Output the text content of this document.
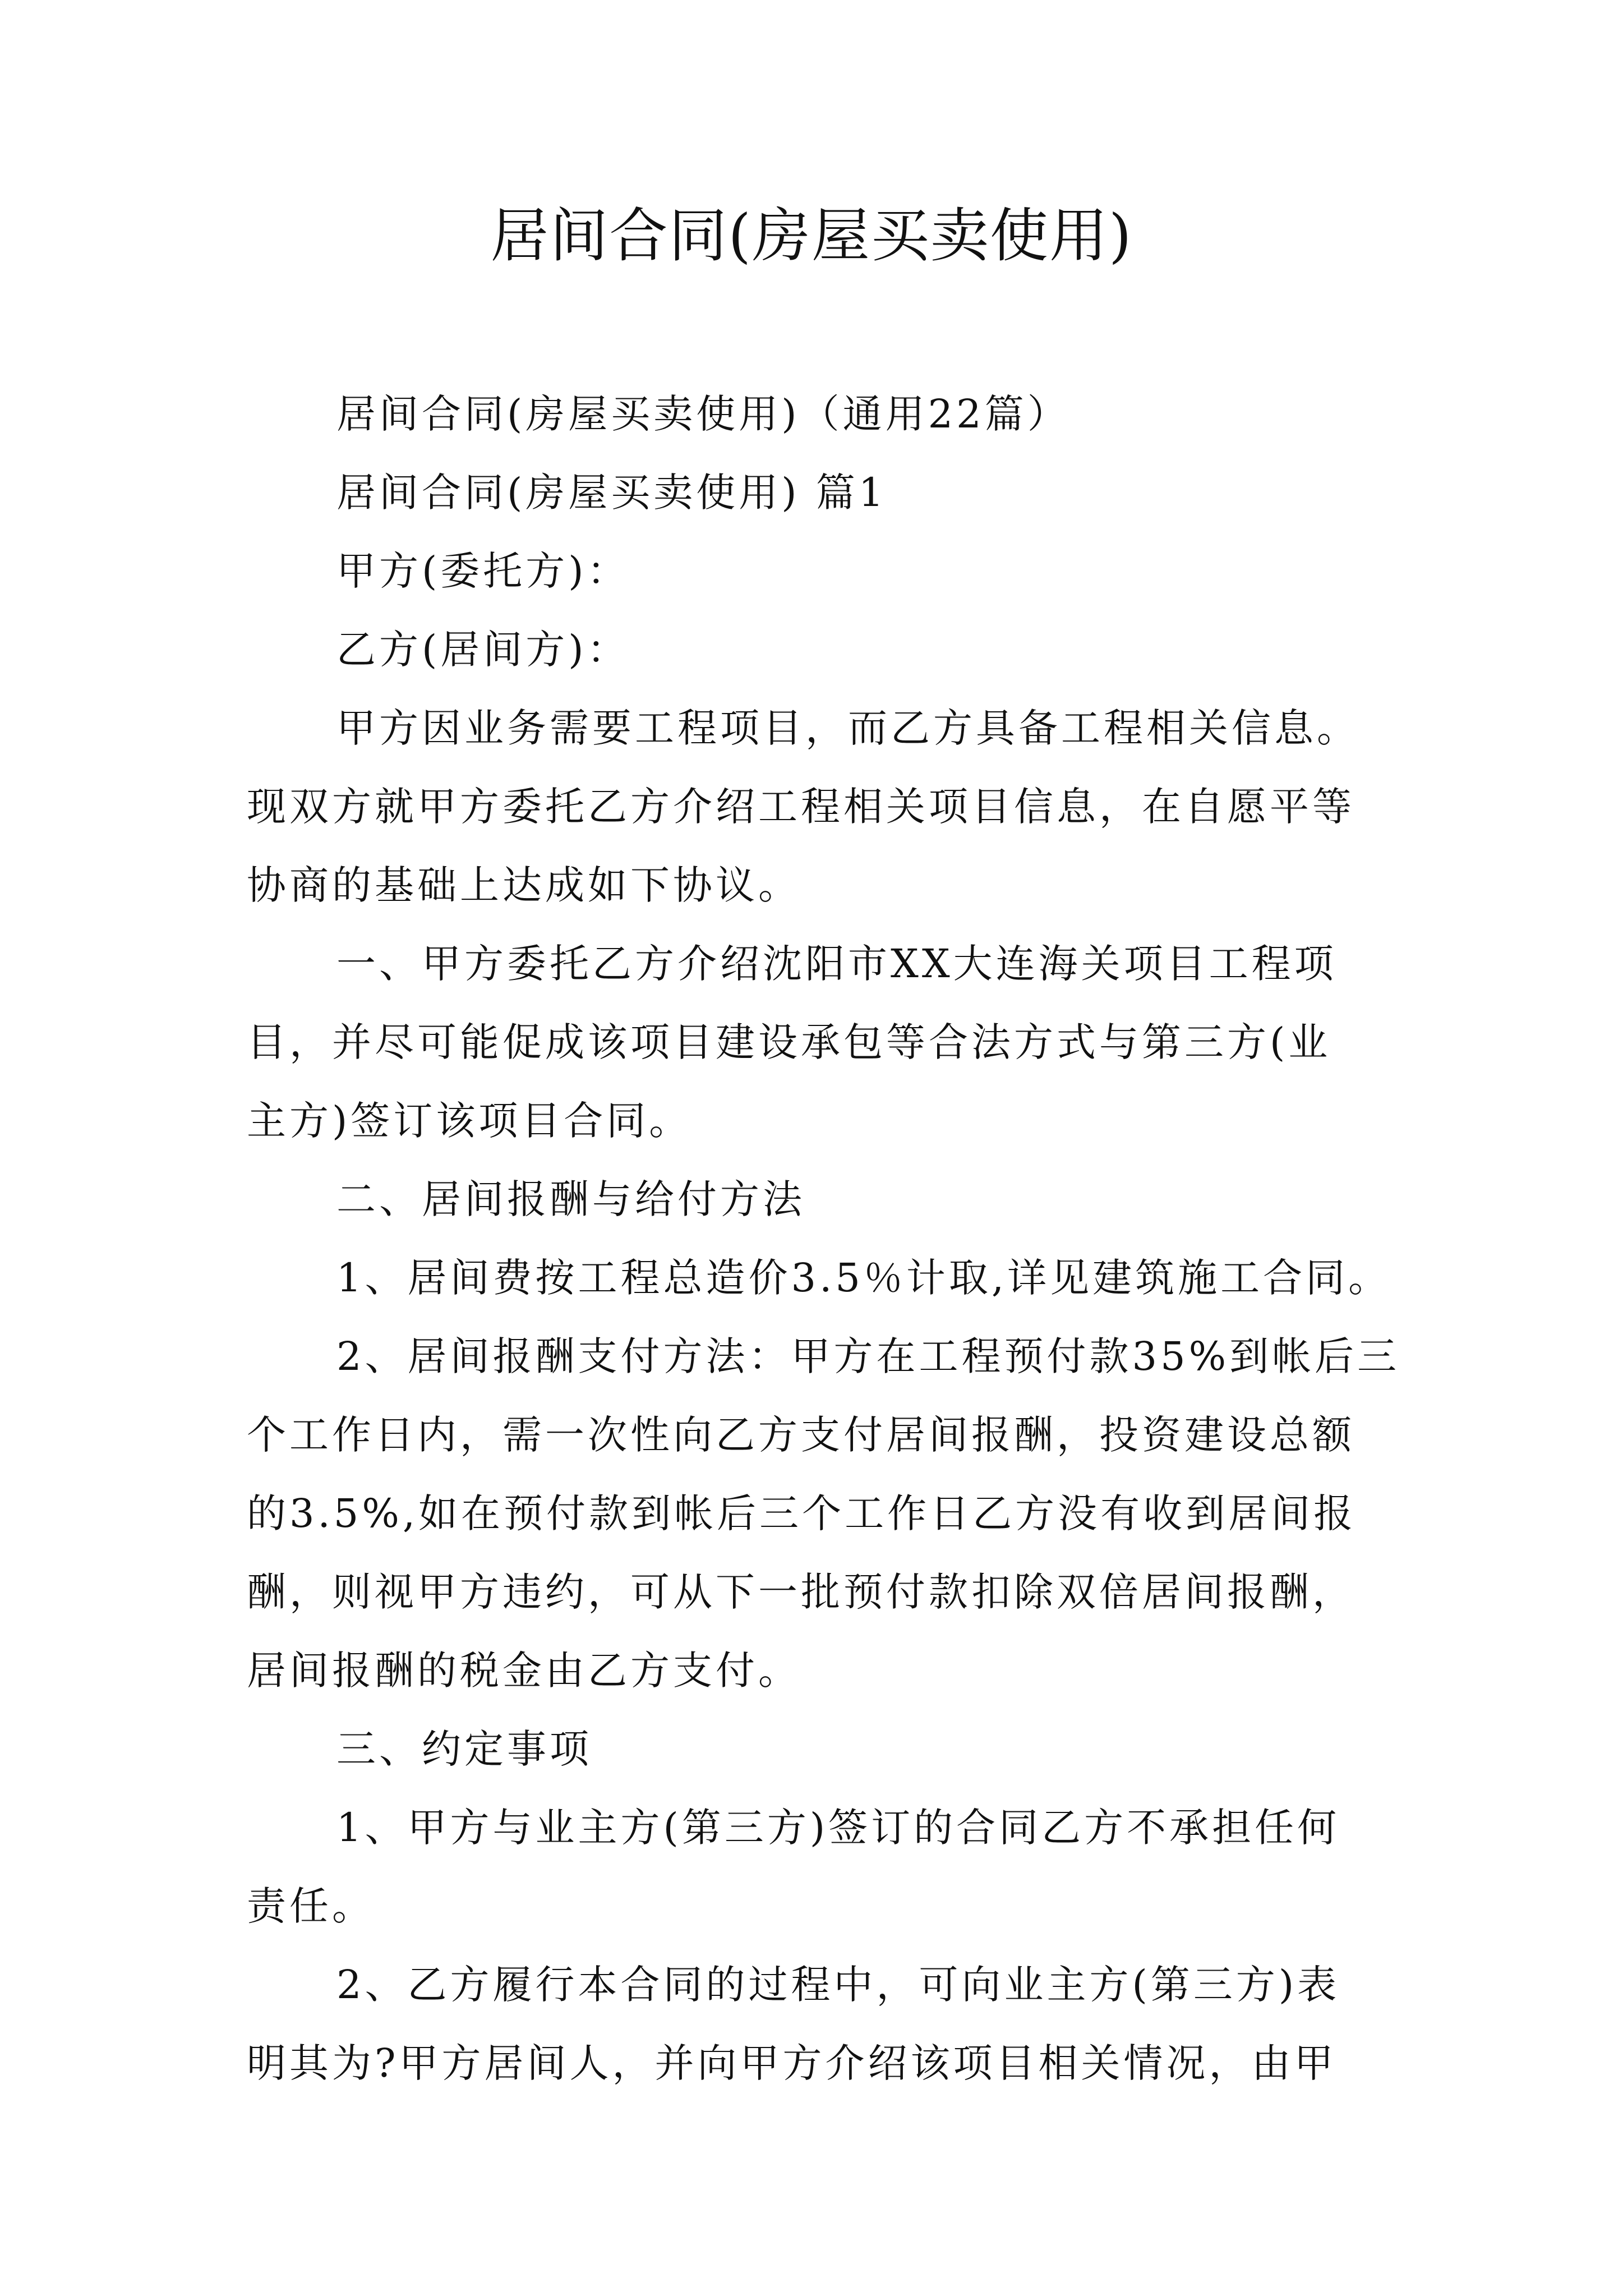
居间合同(房屋买卖使用)

居间合同(房屋买卖使用)（通用22篇）

居间合同(房屋买卖使用) 篇1

甲方(委托方)：

乙方(居间方)：

甲方因业务需要工程项目，而乙方具备工程相关信息。

现双方就甲方委托乙方介绍工程相关项目信息，在自愿平等

协商的基础上达成如下协议。

一、甲方委托乙方介绍沈阳市XX大连海关项目工程项

目，并尽可能促成该项目建设承包等合法方式与第三方(业

主方)签订该项目合同。

二、居间报酬与给付方法

1、居间费按工程总造价3.5％计取,详见建筑施工合同。

2、居间报酬支付方法：甲方在工程预付款35%到帐后三

个工作日内，需一次性向乙方支付居间报酬，投资建设总额

的3.5%,如在预付款到帐后三个工作日乙方没有收到居间报

酬，则视甲方违约，可从下一批预付款扣除双倍居间报酬，

居间报酬的税金由乙方支付。

三、约定事项

1、甲方与业主方(第三方)签订的合同乙方不承担任何

责任。

2、乙方履行本合同的过程中，可向业主方(第三方)表

明其为?甲方居间人，并向甲方介绍该项目相关情况，由甲
